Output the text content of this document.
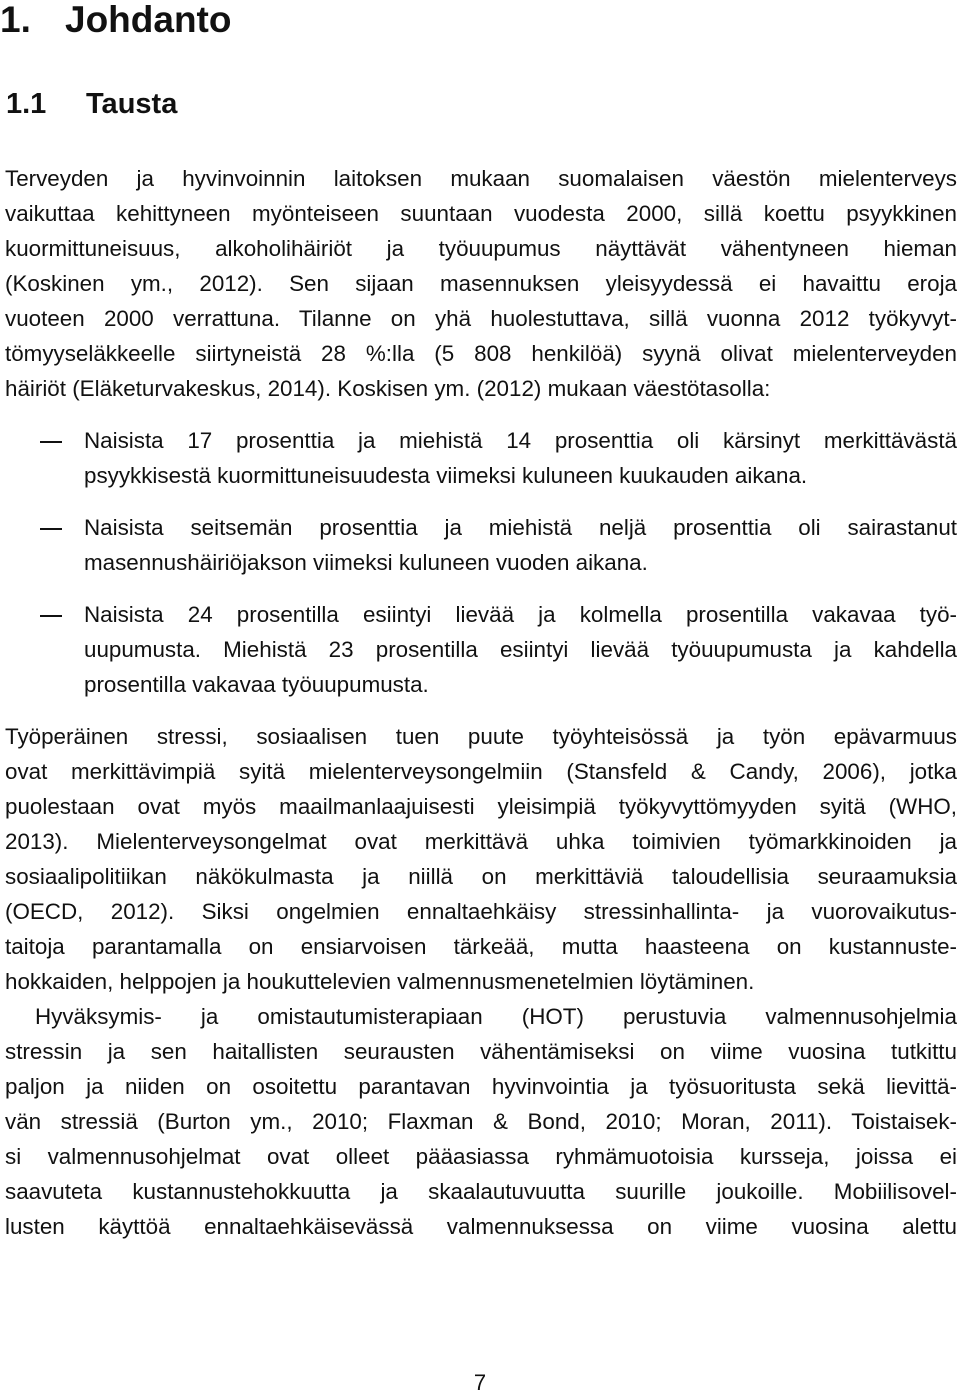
1. Johdanto
1.1 Tausta
Terveyden ja hyvinvoinnin laitoksen mukaan suomalaisen väestön mielenterveys
vaikuttaa kehittyneen myönteiseen suuntaan vuodesta 2000, sillä koettu psyykkinen
kuormittuneisuus, alkoholihäiriöt ja työuupumus näyttävät vähentyneen hieman
(Koskinen ym., 2012). Sen sijaan masennuksen yleisyydessä ei havaittu eroja
vuoteen 2000 verrattuna. Tilanne on yhä huolestuttava, sillä vuonna 2012 työkyvyt-
tömyyseläkkeelle siirtyneistä 28 %:lla (5 808 henkilöä) syynä olivat mielenterveyden
häiriöt (Eläketurvakeskus, 2014). Koskisen ym. (2012) mukaan väestötasolla:
Naisista 17 prosenttia ja miehistä 14 prosenttia oli kärsinyt merkittävästä
psyykkisestä kuormittuneisuudesta viimeksi kuluneen kuukauden aikana.
Naisista seitsemän prosenttia ja miehistä neljä prosenttia oli sairastanut
masennushäiriöjakson viimeksi kuluneen vuoden aikana.
Naisista 24 prosentilla esiintyi lievää ja kolmella prosentilla vakavaa työ-
uupumusta. Miehistä 23 prosentilla esiintyi lievää työuupumusta ja kahdella
prosentilla vakavaa työuupumusta.
Työperäinen stressi, sosiaalisen tuen puute työyhteisössä ja työn epävarmuus
ovat merkittävimpiä syitä mielenterveysongelmiin (Stansfeld & Candy, 2006), jotka
puolestaan ovat myös maailmanlaajuisesti yleisimpiä työkyvyttömyyden syitä (WHO,
2013). Mielenterveysongelmat ovat merkittävä uhka toimivien työmarkkinoiden ja
sosiaalipolitiikan näkökulmasta ja niillä on merkittäviä taloudellisia seuraamuksia
(OECD, 2012). Siksi ongelmien ennaltaehkäisy stressinhallinta- ja vuorovaikutus-
taitoja parantamalla on ensiarvoisen tärkeää, mutta haasteena on kustannuste-
hokkaiden, helppojen ja houkuttelevien valmennusmenetelmien löytäminen.
Hyväksymis- ja omistautumisterapiaan (HOT) perustuvia valmennusohjelmia
stressin ja sen haitallisten seurausten vähentämiseksi on viime vuosina tutkittu
paljon ja niiden on osoitettu parantavan hyvinvointia ja työsuoritusta sekä lievittä-
vän stressiä (Burton ym., 2010; Flaxman & Bond, 2010; Moran, 2011). Toistaisek-
si valmennusohjelmat ovat olleet pääasiassa ryhmämuotoisia kursseja, joissa ei
saavuteta kustannustehokkuutta ja skaalautuvuutta suurille joukoille. Mobiilisovel-
lusten käyttöä ennaltaehkäisevässä valmennuksessa on viime vuosina alettu
7
